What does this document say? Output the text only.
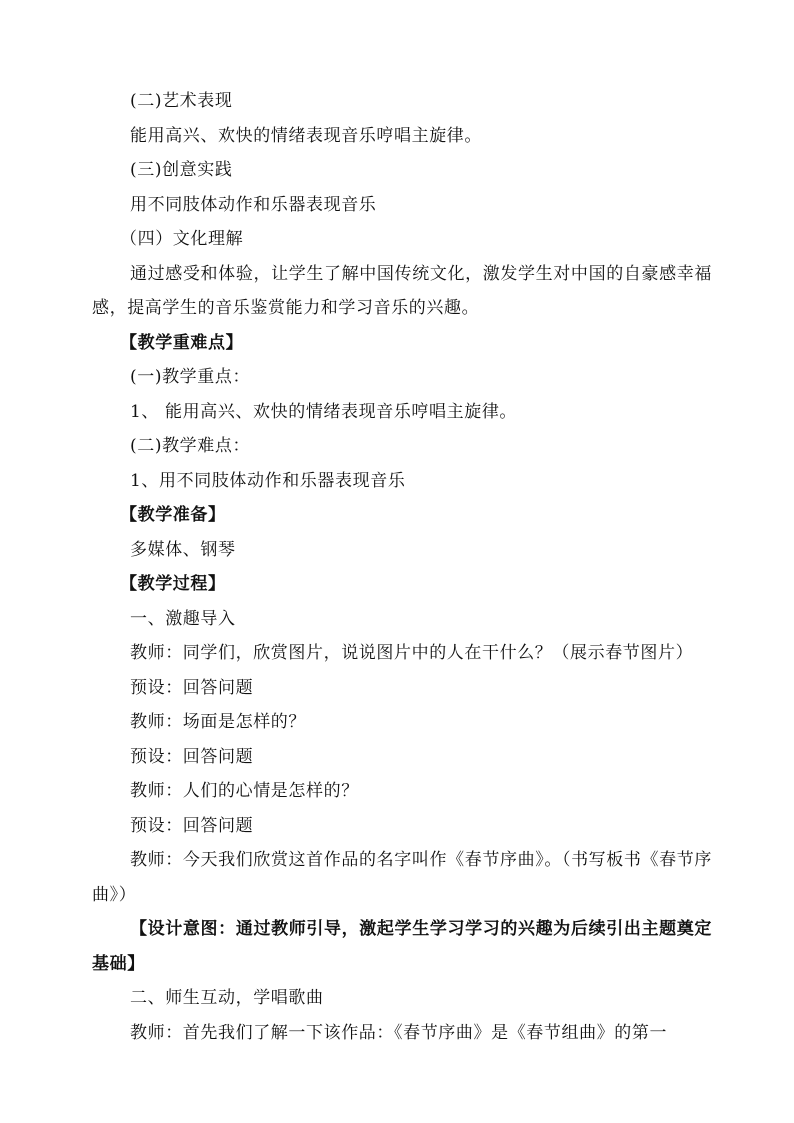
(二)艺术表现
能用高兴、欢快的情绪表现音乐哼唱主旋律。
(三)创意实践
用不同肢体动作和乐器表现音乐
（四）文化理解
通过感受和体验，让学生了解中国传统文化，激发学生对中国的自豪感幸福感，提高学生的音乐鉴赏能力和学习音乐的兴趣。
【教学重难点】
(一)教学重点：
1、 能用高兴、欢快的情绪表现音乐哼唱主旋律。
(二)教学难点：
1、用不同肢体动作和乐器表现音乐
【教学准备】
多媒体、钢琴
【教学过程】
一、激趣导入
教师：同学们，欣赏图片，说说图片中的人在干什么？（展示春节图片）
预设：回答问题
教师：场面是怎样的？
预设：回答问题
教师：人们的心情是怎样的？
预设：回答问题
教师：今天我们欣赏这首作品的名字叫作《春节序曲》。（书写板书《春节序曲》）
【设计意图：通过教师引导，激起学生学习学习的兴趣为后续引出主题奠定基础】
二、师生互动，学唱歌曲
教师：首先我们了解一下该作品：《春节序曲》是《春节组曲》的第一
